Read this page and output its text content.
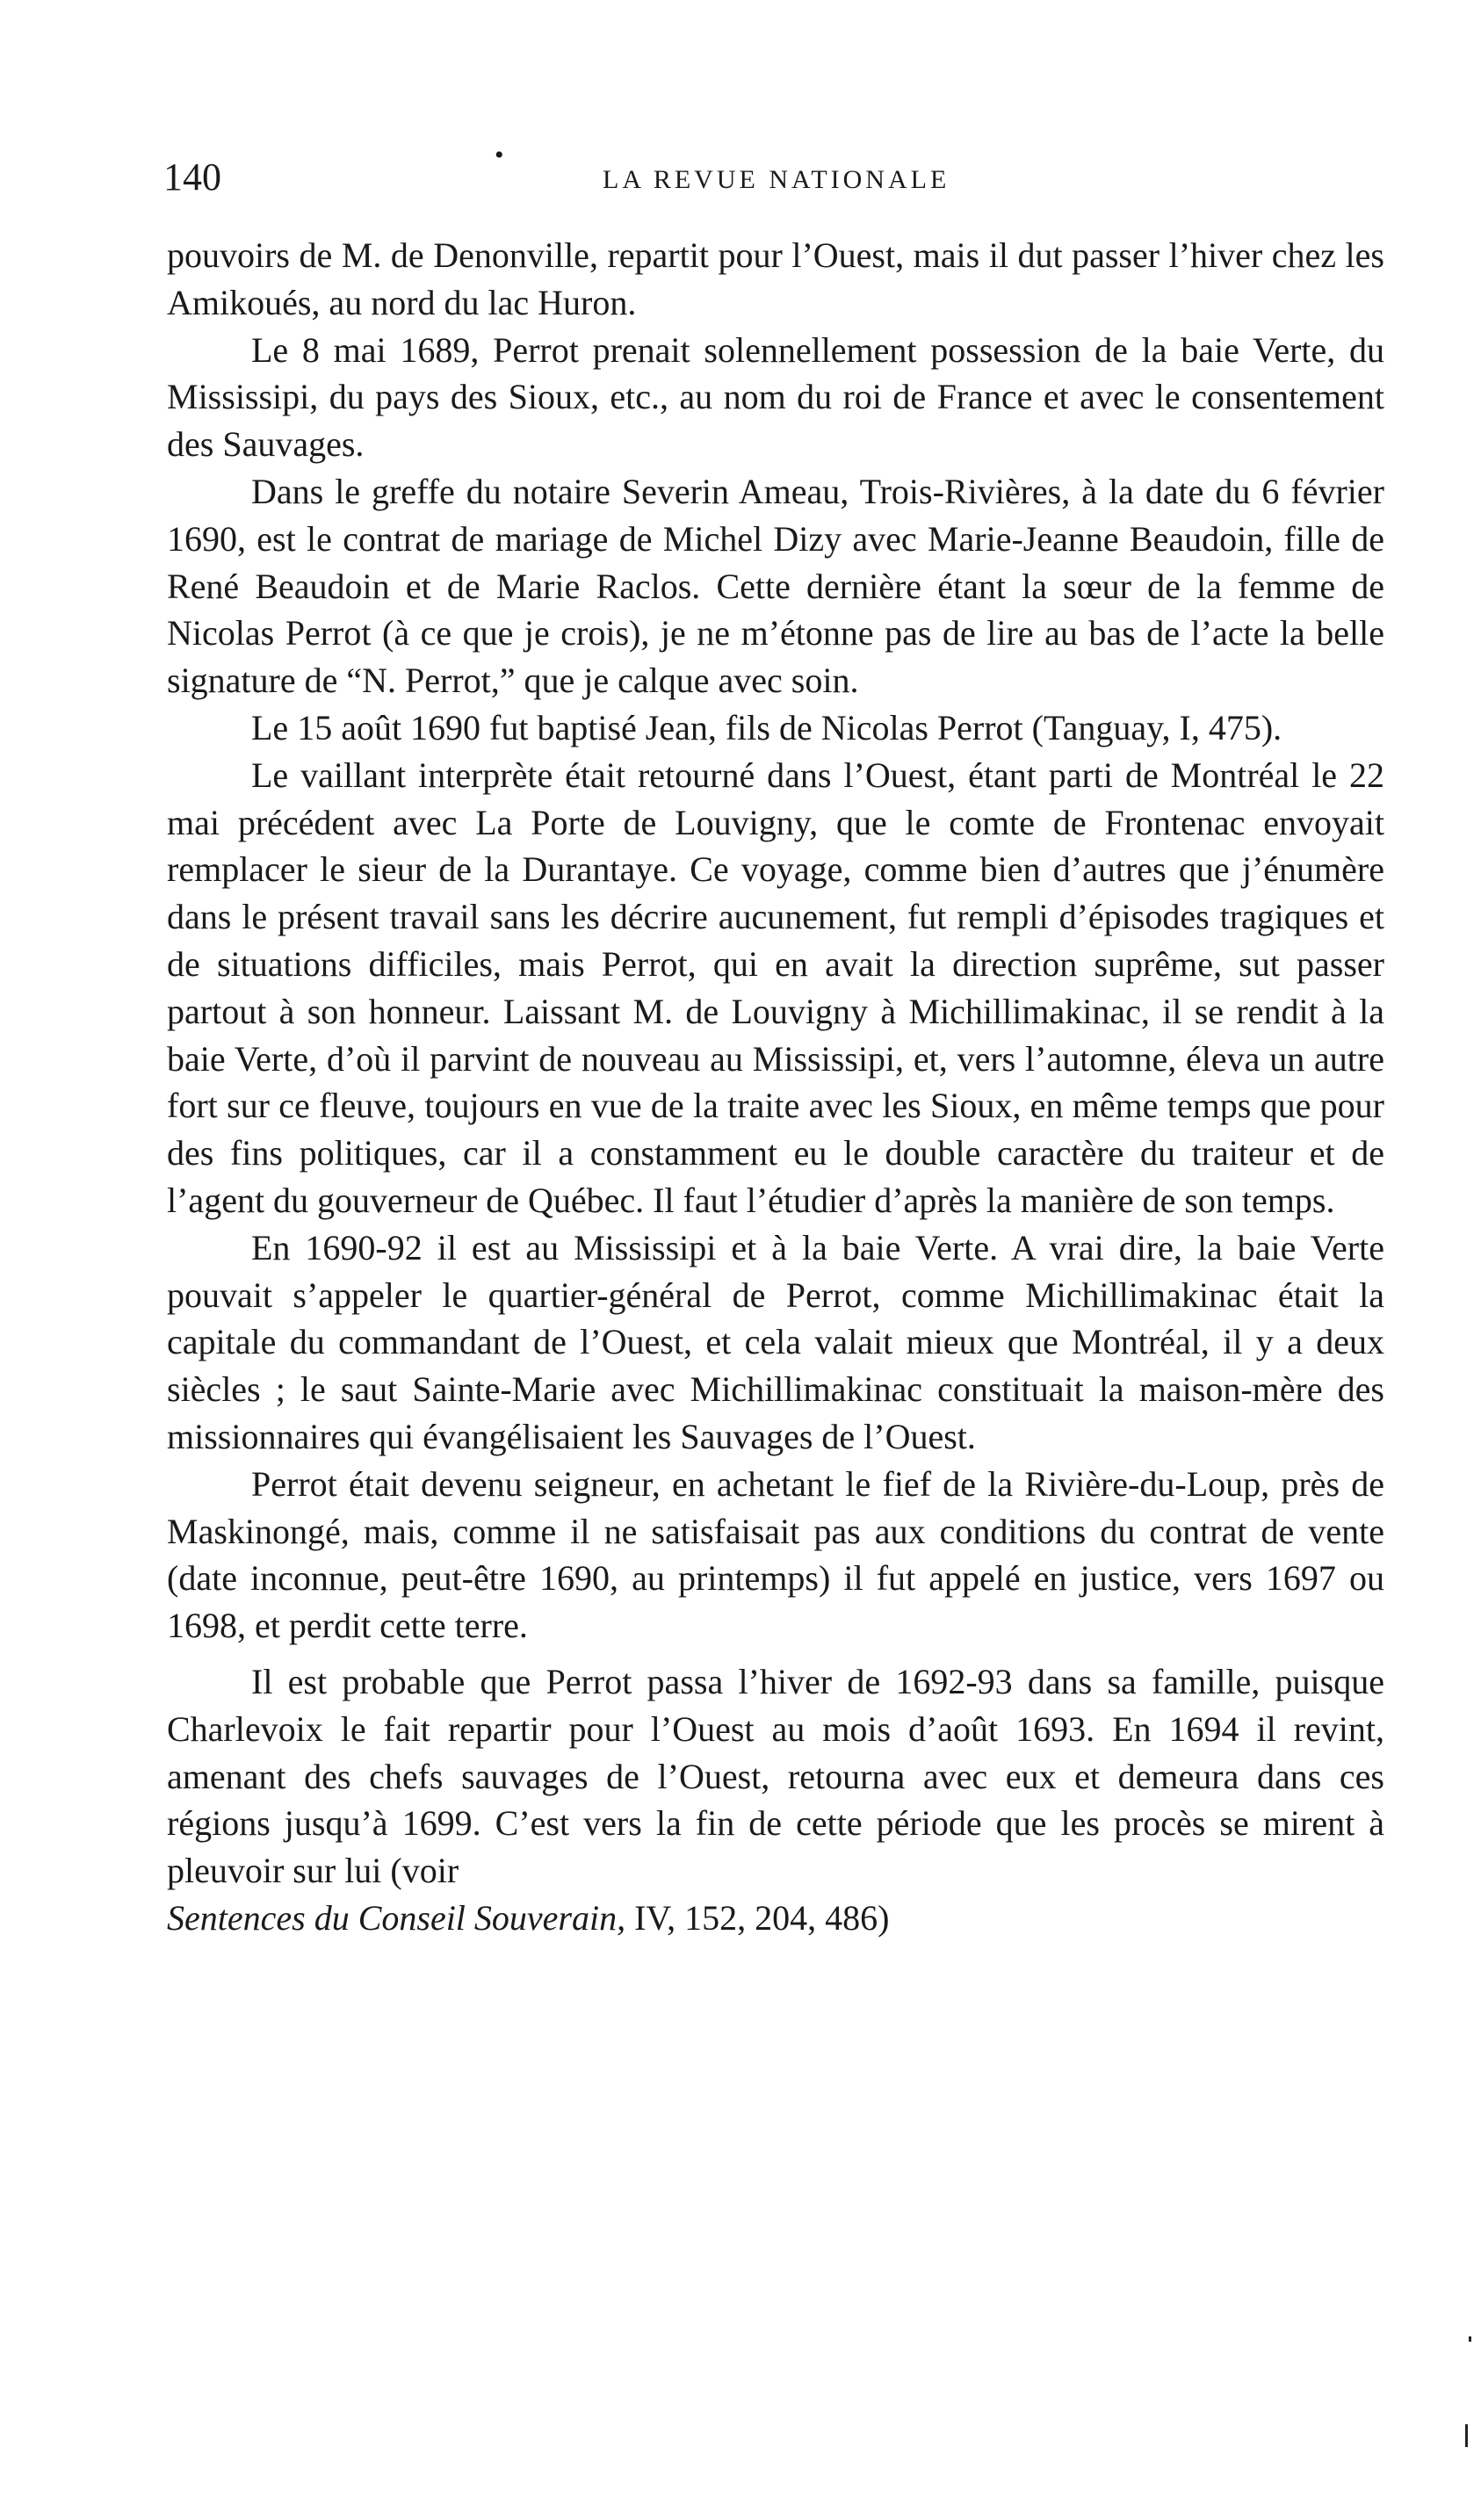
140
•
LA REVUE NATIONALE

pouvoirs de M. de Denonville, repartit pour l’Ouest, mais il dut passer l’hiver chez les Amikoués, au nord du lac Huron.

Le 8 mai 1689, Perrot prenait solennellement possession de la baie Verte, du Mississipi, du pays des Sioux, etc., au nom du roi de France et avec le consentement des Sauvages.

Dans le greffe du notaire Severin Ameau, Trois-Rivières, à la date du 6 février 1690, est le contrat de mariage de Michel Dizy avec Marie-Jeanne Beaudoin, fille de René Beaudoin et de Marie Raclos. Cette dernière étant la sœur de la femme de Nicolas Perrot (à ce que je crois), je ne m’étonne pas de lire au bas de l’acte la belle signature de “N. Perrot,” que je calque avec soin.

Le 15 août 1690 fut baptisé Jean, fils de Nicolas Perrot (Tanguay, I, 475).

Le vaillant interprète était retourné dans l’Ouest, étant parti de Montréal le 22 mai précédent avec La Porte de Louvigny, que le comte de Frontenac envoyait remplacer le sieur de la Durantaye. Ce voyage, comme bien d’autres que j’énumère dans le présent travail sans les décrire aucunement, fut rempli d’épisodes tragiques et de situations difficiles, mais Perrot, qui en avait la direction suprême, sut passer partout à son honneur. Laissant M. de Louvigny à Michillimakinac, il se rendit à la baie Verte, d’où il parvint de nouveau au Mississipi, et, vers l’automne, éleva un autre fort sur ce fleuve, toujours en vue de la traite avec les Sioux, en même temps que pour des fins politiques, car il a constamment eu le double caractère du traiteur et de l’agent du gouverneur de Québec. Il faut l’étudier d’après la manière de son temps.

En 1690-92 il est au Mississipi et à la baie Verte. A vrai dire, la baie Verte pouvait s’appeler le quartier-général de Perrot, comme Michillimakinac était la capitale du commandant de l’Ouest, et cela valait mieux que Montréal, il y a deux siècles ; le saut Sainte-Marie avec Michillimakinac constituait la maison-mère des missionnaires qui évangélisaient les Sauvages de l’Ouest.

Perrot était devenu seigneur, en achetant le fief de la Rivière-du-Loup, près de Maskinongé, mais, comme il ne satisfaisait pas aux conditions du contrat de vente (date inconnue, peut-être 1690, au printemps) il fut appelé en justice, vers 1697 ou 1698, et perdit cette terre.

Il est probable que Perrot passa l’hiver de 1692-93 dans sa famille, puisque Charlevoix le fait repartir pour l’Ouest au mois d’août 1693. En 1694 il revint, amenant des chefs sauvages de l’Ouest, retourna avec eux et demeura dans ces régions jusqu’à 1699. C’est vers la fin de cette période que les procès se mirent à pleuvoir sur lui (voir

Sentences du Conseil Souverain, IV, 152, 204, 486)
